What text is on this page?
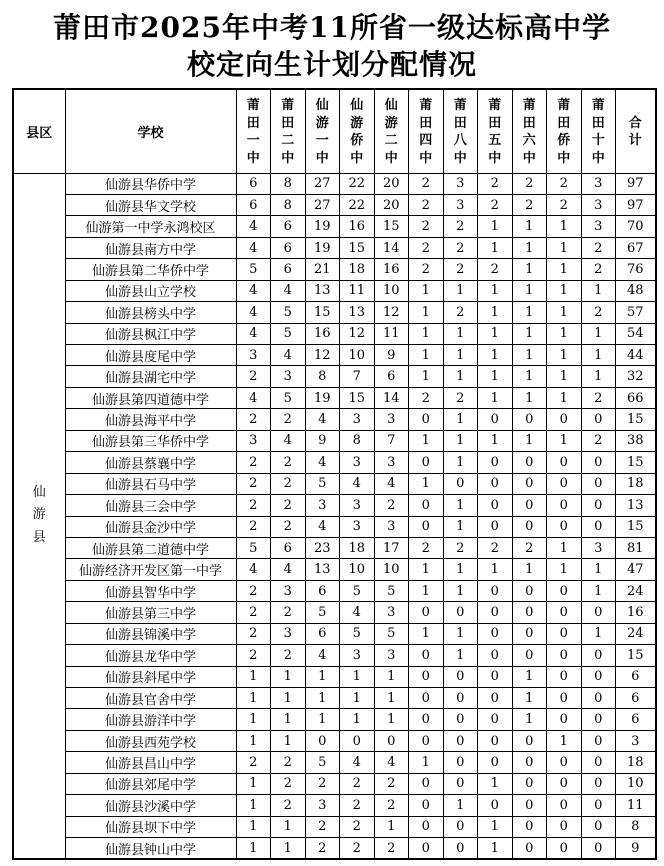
莆田市2025年中考11所省一级达标高中学
校定向生计划分配情况
县区	学校	莆田一中	莆田二中	仙游一中	仙游侨中	仙游二中	莆田四中	莆田八中	莆田五中	莆田六中	莆田侨中	莆田十中	合计
仙游县	仙游县华侨中学	6	8	27	22	20	2	3	2	2	2	3	97
	仙游县华文学校	6	8	27	22	20	2	3	2	2	2	3	97
	仙游第一中学永鸿校区	4	6	19	16	15	2	2	1	1	1	3	70
	仙游县南方中学	4	6	19	15	14	2	2	1	1	1	2	67
	仙游县第二华侨中学	5	6	21	18	16	2	2	2	1	1	2	76
	仙游县山立学校	4	4	13	11	10	1	1	1	1	1	1	48
	仙游县榜头中学	4	5	15	13	12	1	2	1	1	1	2	57
	仙游县枫江中学	4	5	16	12	11	1	1	1	1	1	1	54
	仙游县度尾中学	3	4	12	10	9	1	1	1	1	1	1	44
	仙游县湖宅中学	2	3	8	7	6	1	1	1	1	1	1	32
	仙游县第四道德中学	4	5	19	15	14	2	2	1	1	1	2	66
	仙游县海平中学	2	2	4	3	3	0	1	0	0	0	0	15
	仙游县第三华侨中学	3	4	9	8	7	1	1	1	1	1	2	38
	仙游县蔡襄中学	2	2	4	3	3	0	1	0	0	0	0	15
	仙游县石马中学	2	2	5	4	4	1	0	0	0	0	0	18
	仙游县三会中学	2	2	3	3	2	0	1	0	0	0	0	13
	仙游县金沙中学	2	2	4	3	3	0	1	0	0	0	0	15
	仙游县第二道德中学	5	6	23	18	17	2	2	2	2	1	3	81
	仙游经济开发区第一中学	4	4	13	10	10	1	1	1	1	1	1	47
	仙游县智华中学	2	3	6	5	5	1	1	0	0	0	1	24
	仙游县第三中学	2	2	5	4	3	0	0	0	0	0	0	16
	仙游县锦溪中学	2	3	6	5	5	1	1	0	0	0	1	24
	仙游县龙华中学	2	2	4	3	3	0	1	0	0	0	0	15
	仙游县斜尾中学	1	1	1	1	1	0	0	0	1	0	0	6
	仙游县官舍中学	1	1	1	1	1	0	0	0	1	0	0	6
	仙游县游洋中学	1	1	1	1	1	0	0	0	1	0	0	6
	仙游县西苑学校	1	1	0	0	0	0	0	0	0	1	0	3
	仙游县昌山中学	2	2	5	4	4	1	0	0	0	0	0	18
	仙游县郊尾中学	1	2	2	2	2	0	0	1	0	0	0	10
	仙游县沙溪中学	1	2	3	2	2	0	1	0	0	0	0	11
	仙游县坝下中学	1	1	2	2	1	0	0	1	0	0	0	8
	仙游县钟山中学	1	1	2	2	2	0	0	1	0	0	0	9
